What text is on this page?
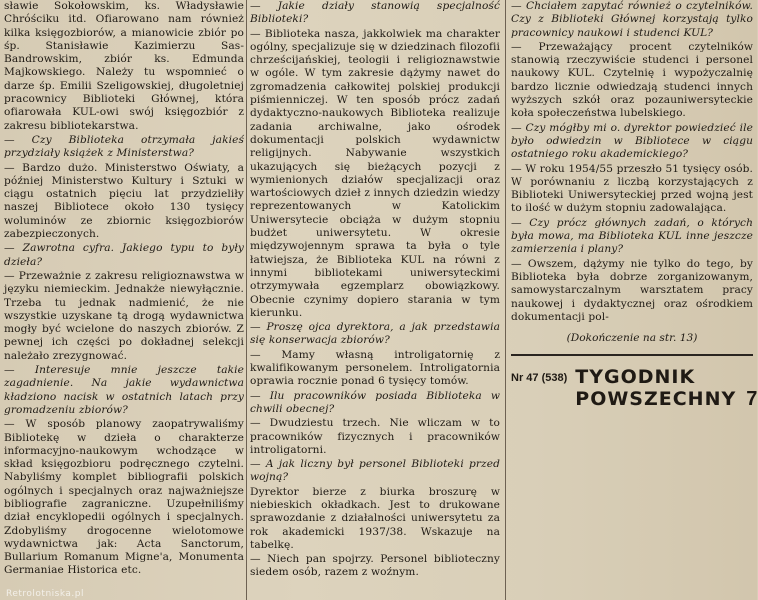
sławie Sokołowskim, ks. Władysławie Chróściku itd. Ofiarowano nam również kilka księgozbiorów, a mianowicie zbiór po śp. Stanisławie Kazimierzu Sas-Bandrowskim, zbiór ks. Edmunda Majkowskiego. Należy tu wspomnieć o darze śp. Emilii Szeligowskiej, długoletniej pracownicy Biblioteki Głównej, która ofiarowała KUL-owi swój księgozbiór z zakresu bibliotekarstwa.

— Czy Biblioteka otrzymała jakieś przydziały książek z Ministerstwa?

— Bardzo dużo. Ministerstwo Oświaty, a później Ministerstwo Kultury i Sztuki w ciągu ostatnich pięciu lat przydzieliły naszej Bibliotece około 130 tysięcy woluminów ze zbiornic księgozbiorów zabezpieczonych.

— Zawrotna cyfra. Jakiego typu to były dzieła?

— Przeważnie z zakresu religioznawstwa w języku niemieckim. Jednakże niewyłącznie. Trzeba tu jednak nadmienić, że nie wszystkie uzyskane tą drogą wydawnictwa mogły być wcielone do naszych zbiorów. Z pewnej ich części po dokładnej selekcji należało zrezygnować.

— Interesuje mnie jeszcze takie zagadnienie. Na jakie wydawnictwa kładziono nacisk w ostatnich latach przy gromadzeniu zbiorów?

— W sposób planowy zaopatrywaliśmy Bibliotekę w dzieła o charakterze informacyjno-naukowym wchodzące w skład księgozbioru podręcznego czytelni. Nabyliśmy komplet bibliografii polskich ogólnych i specjalnych oraz najważniejsze bibliografie zagraniczne. Uzupełniliśmy dział encyklopedii ogólnych i specjalnych. Zdobyliśmy drogocenne wielotomowe wydawnictwa jak: Acta Sanctorum, Bullarium Romanum Migne'a, Monumenta Germaniae Historica etc.

— Jakie działy stanowią specjalność Biblioteki?

— Biblioteka nasza, jakkolwiek ma charakter ogólny, specjalizuje się w dziedzinach filozofii chrześcijańskiej, teologii i religioznawstwie w ogóle. W tym zakresie dążymy nawet do zgromadzenia całkowitej polskiej produkcji piśmienniczej. W ten sposób prócz zadań dydaktyczno-naukowych Biblioteka realizuje zadania archiwalne, jako ośrodek dokumentacji polskich wydawnictw religijnych. Nabywanie wszystkich ukazujących się bieżących pozycji z wymienionych działów specjalizacji oraz wartościowych dzieł z innych dziedzin wiedzy reprezentowanych w Katolickim Uniwersytecie obciąża w dużym stopniu budżet uniwersytetu. W okresie międzywojennym sprawa ta była o tyle łatwiejsza, że Biblioteka KUL na równi z innymi bibliotekami uniwersyteckimi otrzymywała egzemplarz obowiązkowy. Obecnie czynimy dopiero starania w tym kierunku.

— Proszę ojca dyrektora, a jak przedstawia się konserwacja zbiorów?

— Mamy własną introligatornię z kwalifikowanym personelem. Introligatornia oprawia rocznie ponad 6 tysięcy tomów.

— Ilu pracowników posiada Biblioteka w chwili obecnej?

— Dwudziestu trzech. Nie wliczam w to pracowników fizycznych i pracowników introligatorni.

— A jak liczny był personel Biblioteki przed wojną?

Dyrektor bierze z biurka broszurę w niebieskich okładkach. Jest to drukowane sprawozdanie z działalności uniwersytetu za rok akademicki 1937/38. Wskazuje na tabelkę.

— Niech pan spojrzy. Personel biblioteczny siedem osób, razem z woźnym.

— Chciałem zapytać również o czytelników. Czy z Biblioteki Głównej korzystają tylko pracownicy naukowi i studenci KUL?

— Przeważający procent czytelników stanowią rzeczywiście studenci i personel naukowy KUL. Czytelnię i wypożyczalnię bardzo licznie odwiedzają studenci innych wyższych szkół oraz pozauniwersyteckie koła społeczeństwa lubelskiego.

— Czy mógłby mi o. dyrektor powiedzieć ile było odwiedzin w Bibliotece w ciągu ostatniego roku akademickiego?

— W roku 1954/55 przeszło 51 tysięcy osób. W porównaniu z liczbą korzystających z Biblioteki Uniwersyteckiej przed wojną jest to ilość w dużym stopniu zadowalająca.

— Czy prócz głównych zadań, o których była mowa, ma Biblioteka KUL inne jeszcze zamierzenia i plany?

— Owszem, dążymy nie tylko do tego, by Biblioteka była dobrze zorganizowanym, samowystarczalnym warsztatem pracy naukowej i dydaktycznej oraz ośrodkiem dokumentacji pol-

(Dokończenie na str. 13)
Nr 47 (538) TYGODNIK
POWSZECHNY 7
Retrolotniska.pl
